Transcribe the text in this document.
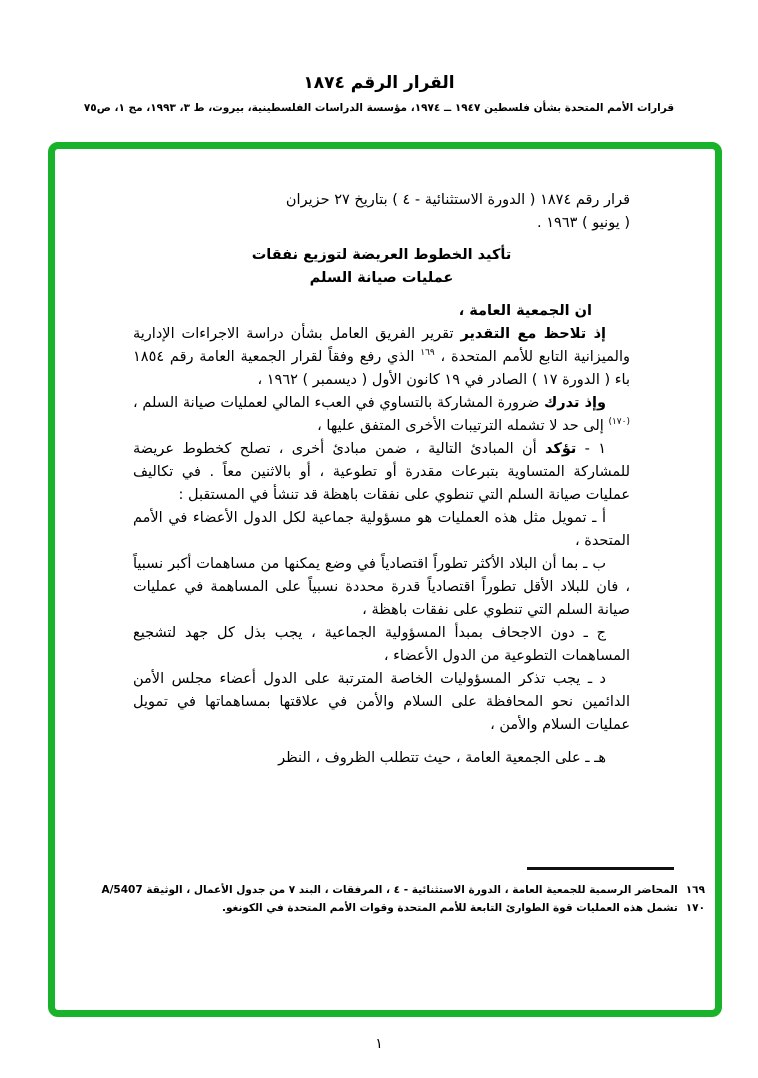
القرار الرقم ١٨٧٤
قرارات الأمم المتحدة بشأن فلسطين ١٩٤٧ ــ ١٩٧٤، مؤسسة الدراسات الفلسطينية، بيروت، ط ٣، ١٩٩٣، مج ١، ص٧٥

قرار رقم ١٨٧٤ ( الدورة الاستثنائية - ٤ ) بتاريخ ٢٧ حزيران
( يونيو ) ١٩٦٣ .

تأكيد الخطوط العريضة لتوزيع نفقات

عمليات صيانة السلم

ان الجمعية العامة ،

إذ تلاحظ مع التقدير تقرير الفريق العامل بشأن دراسة الاجراءات الإدارية والميزانية التابع للأمم المتحدة ، $^{١٦٩}$ الذي رفع وفقاً لقرار الجمعية العامة رقم ١٨٥٤ باء ( الدورة ١٧ ) الصادر في ١٩ كانون الأول ( ديسمبر ) ١٩٦٢ ،

وإذ تدرك ضرورة المشاركة بالتساوي في العبء المالي لعمليات صيانة السلم ، $^{(١٧٠)}$ إلى حد لا تشمله الترتيبات الأخرى المتفق عليها ،

١ - تؤكد أن المبادئ التالية ، ضمن مبادئ أخرى ، تصلح كخطوط عريضة للمشاركة المتساوية بتبرعات مقدرة أو تطوعية ، أو بالاثنين معاً . في تكاليف عمليات صيانة السلم التي تنطوي على نفقات باهظة قد تنشأ في المستقبل :

أ ـ تمويل مثل هذه العمليات هو مسؤولية جماعية لكل الدول الأعضاء في الأمم المتحدة ،

ب ـ بما أن البلاد الأكثر تطوراً اقتصادياً في وضع يمكنها من مساهمات أكبر نسبياً ، فان للبلاد الأقل تطوراً اقتصادياً قدرة محددة نسبياً على المساهمة في عمليات صيانة السلم التي تنطوي على نفقات باهظة ،

ج ـ دون الاجحاف بمبدأ المسؤولية الجماعية ، يجب بذل كل جهد لتشجيع المساهمات التطوعية من الدول الأعضاء ،

د ـ يجب تذكر المسؤوليات الخاصة المترتبة على الدول أعضاء مجلس الأمن الدائمين نحو المحافظة على السلام والأمن في علاقتها بمساهماتها في تمويل عمليات السلام والأمن ،

هـ ـ على الجمعية العامة ، حيث تتطلب الظروف ، النظر

١٦٩المحاضر الرسمية للجمعية العامة ، الدورة الاستثنائية - ٤ ، المرفقات ، البند ٧ من جدول الأعمال ، الوثيقة A/5407
١٧٠تشمل هذه العمليات قوة الطوارئ التابعة للأمم المتحدة وقوات الأمم المتحدة في الكونغو.
١
